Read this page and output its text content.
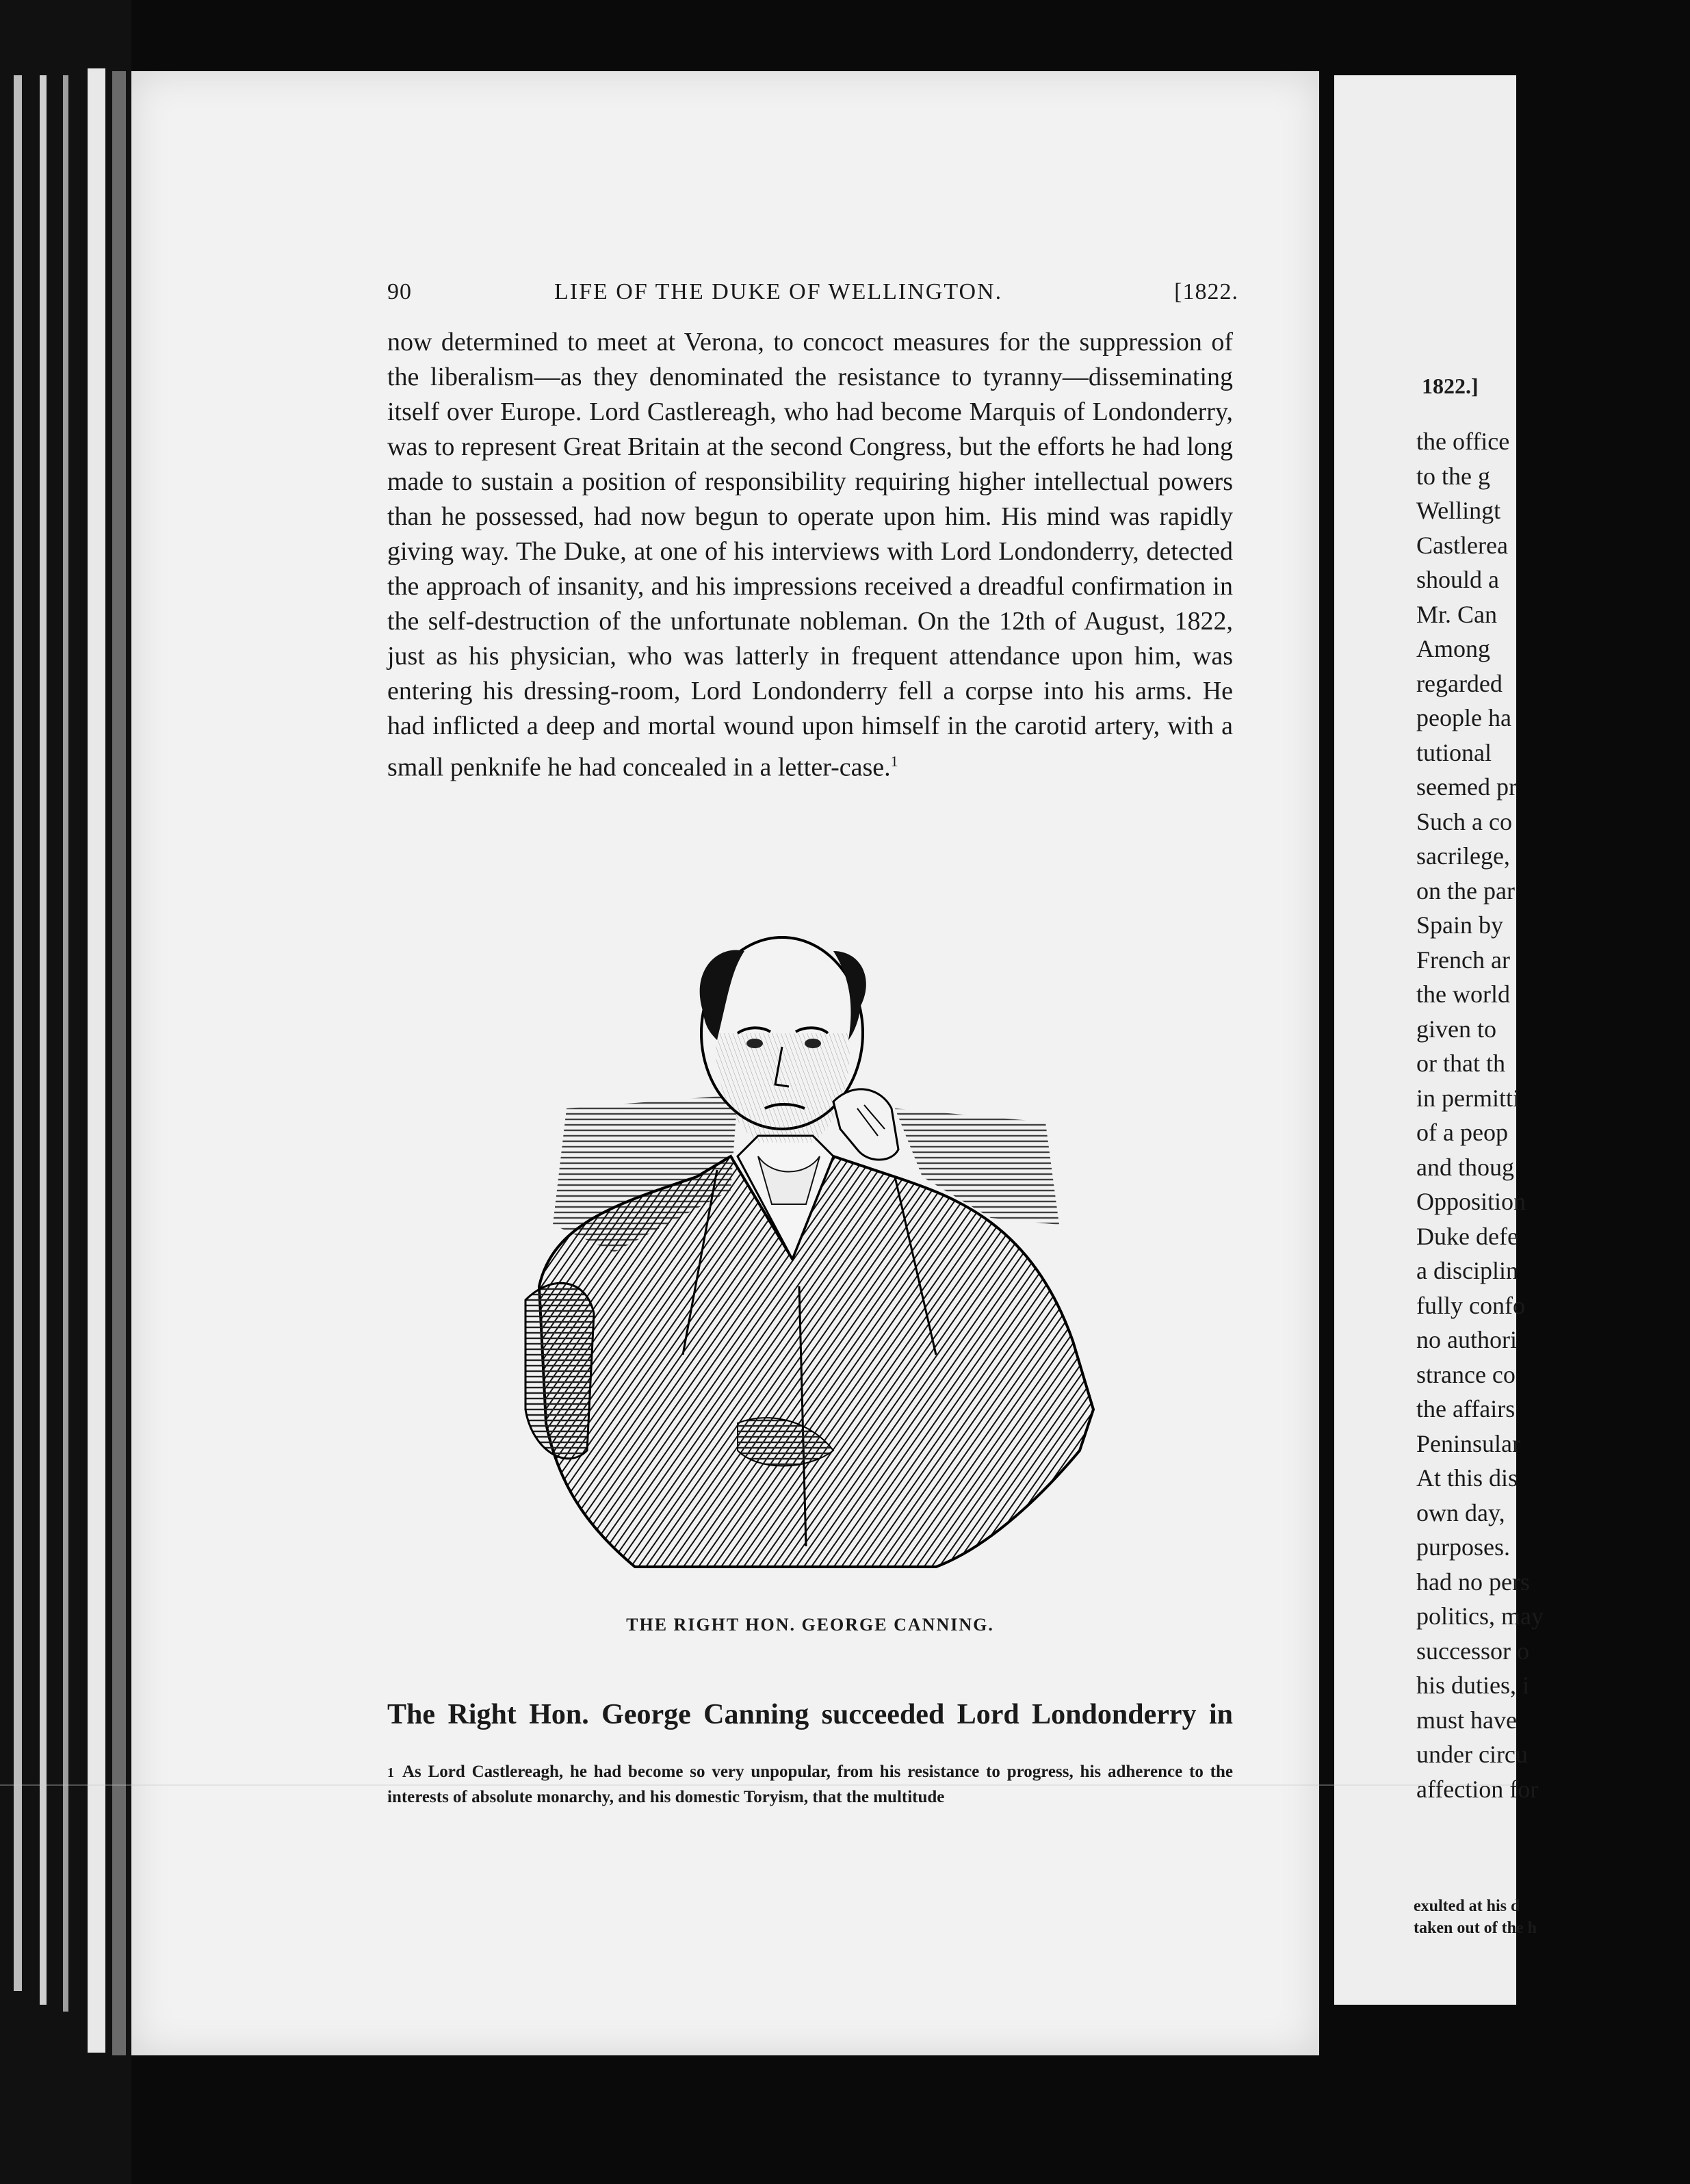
90	LIFE OF THE DUKE OF WELLINGTON.	[1822.
now determined to meet at Verona, to concoct measures for the suppression of the liberalism—as they denominated the resistance to tyranny—disseminating itself over Europe. Lord Castlereagh, who had become Marquis of Londonderry, was to represent Great Britain at the second Congress, but the efforts he had long made to sustain a position of responsibility requiring higher intellectual powers than he possessed, had now begun to operate upon him. His mind was rapidly giving way. The Duke, at one of his interviews with Lord Londonderry, detected the approach of insanity, and his impressions received a dreadful confirmation in the self-destruction of the unfortunate nobleman. On the 12th of August, 1822, just as his physician, who was latterly in frequent attendance upon him, was entering his dressing-room, Lord Londonderry fell a corpse into his arms. He had inflicted a deep and mortal wound upon himself in the carotid artery, with a small penknife he had concealed in a letter-case.$^1$
THE RIGHT HON. GEORGE CANNING.
The Right Hon. George Canning succeeded Lord Londonderry in
1 As Lord Castlereagh, he had become so very unpopular, from his resistance to progress, his adherence to the interests of absolute monarchy, and his domestic Toryism, that the multitude
1822.]
the office
to the g
Wellingt
Castlerea
should a
Mr. Can
Among
regarded
people ha
tutional
seemed pr
Such a co
sacrilege,
on the par
Spain by
French ar
the world
given to
or that th
in permitti
of a peop
and thoug
Opposition
Duke defe
a disciplin
fully confo
no authori
strance co
the affairs
Peninsular
At this dis
own day,
purposes.
had no pers
politics, may
successor o
his duties, i
must have
under circu
affection for
exulted at his d
taken out of the h
